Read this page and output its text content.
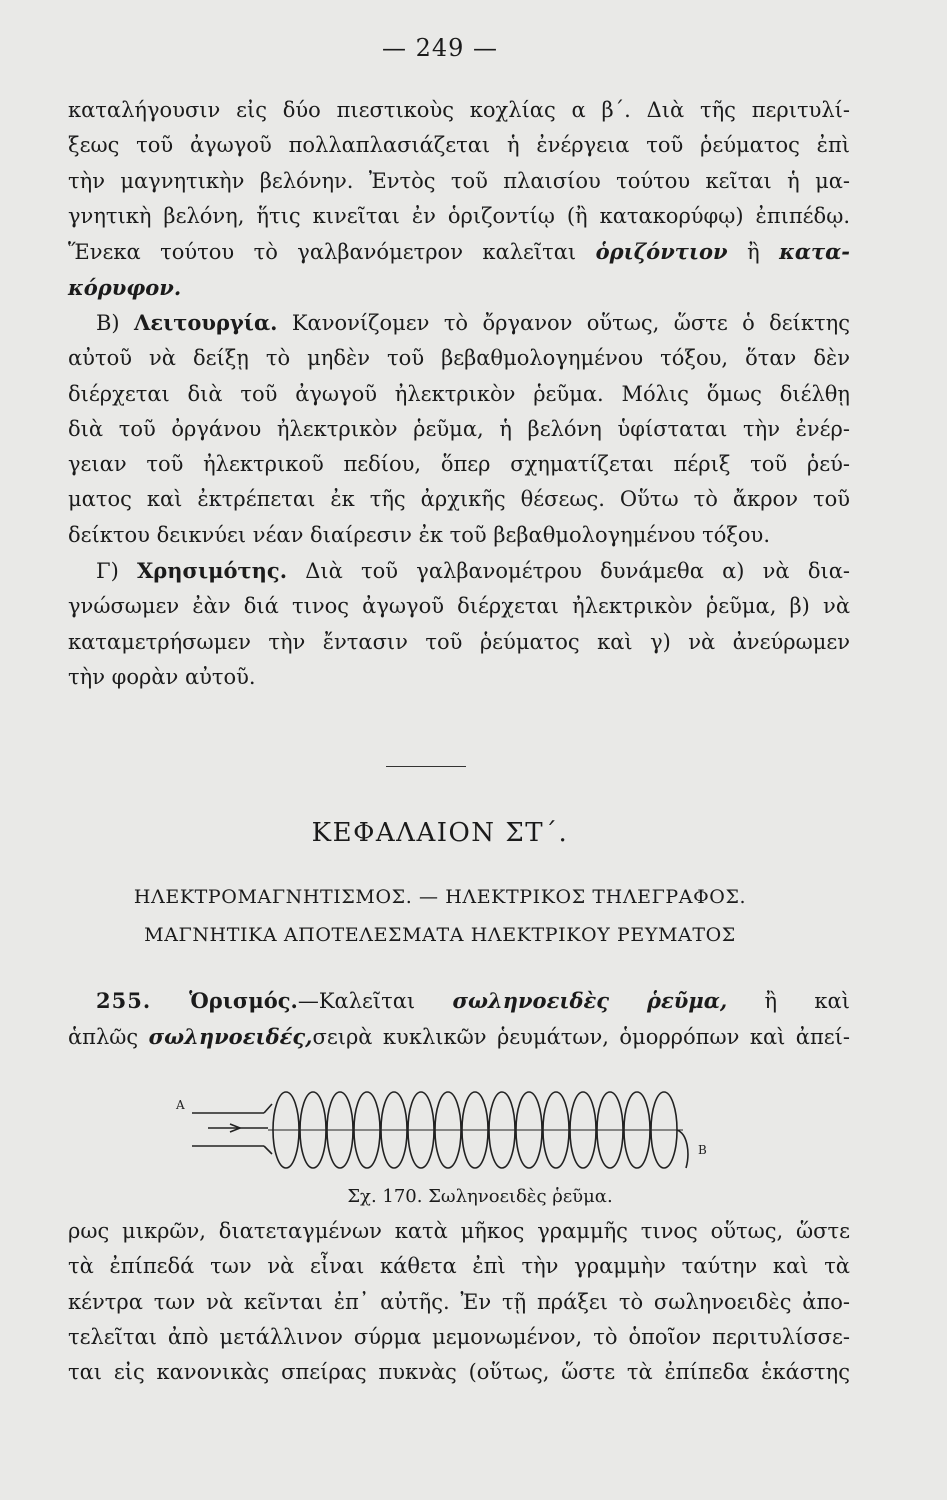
— 249 —
καταλήγουσιν εἰς δύο πιεστικοὺς κοχλίας α β΄. Διὰ τῆς περιτυλί-
ξεως τοῦ ἀγωγοῦ πολλαπλασιάζεται ἡ ἐνέργεια τοῦ ῥεύματος ἐπὶ
τὴν μαγνητικὴν βελόνην. Ἐντὸς τοῦ πλαισίου τούτου κεῖται ἡ μα-
γνητικὴ βελόνη, ἥτις κινεῖται ἐν ὁριζοντίῳ (ἢ κατακορύφῳ) ἐπιπέδῳ.
Ἕνεκα τούτου τὸ γαλβανόμετρον καλεῖται ὁριζόντιον ἢ κατα-
κόρυφον.
Β) Λειτουργία. Κανονίζομεν τὸ ὄργανον οὕτως, ὥστε ὁ δείκτης
αὐτοῦ νὰ δείξῃ τὸ μηδὲν τοῦ βεβαθμολογημένου τόξου, ὅταν δὲν
διέρχεται διὰ τοῦ ἀγωγοῦ ἠλεκτρικὸν ῥεῦμα. Μόλις ὅμως διέλθῃ
διὰ τοῦ ὀργάνου ἠλεκτρικὸν ῥεῦμα, ἡ βελόνη ὑφίσταται τὴν ἐνέρ-
γειαν τοῦ ἠλεκτρικοῦ πεδίου, ὅπερ σχηματίζεται πέριξ τοῦ ῥεύ-
ματος καὶ ἐκτρέπεται ἐκ τῆς ἀρχικῆς θέσεως. Οὕτω τὸ ἄκρον τοῦ
δείκτου δεικνύει νέαν διαίρεσιν ἐκ τοῦ βεβαθμολογημένου τόξου.
Γ) Χρησιμότης. Διὰ τοῦ γαλβανομέτρου δυνάμεθα α) νὰ δια-
γνώσωμεν ἐὰν διά τινος ἀγωγοῦ διέρχεται ἠλεκτρικὸν ῥεῦμα, β) νὰ
καταμετρήσωμεν τὴν ἔντασιν τοῦ ῥεύματος καὶ γ) νὰ ἀνεύρωμεν
τὴν φορὰν αὐτοῦ.
ΚΕΦΑΛΑΙΟΝ ΣΤ΄.
ΗΛΕΚΤΡΟΜΑΓΝΗΤΙΣΜΟΣ. — ΗΛΕΚΤΡΙΚΟΣ ΤΗΛΕΓΡΑΦΟΣ.
ΜΑΓΝΗΤΙΚΑ ΑΠΟΤΕΛΕΣΜΑΤΑ ΗΛΕΚΤΡΙΚΟΥ ΡΕΥΜΑΤΟΣ
255. Ὁρισμός.—Καλεῖται σωληνοειδὲς ῥεῦμα, ἢ καὶ
ἁπλῶς σωληνοειδές,σειρὰ κυκλικῶν ῥευμάτων, ὁμορρόπων καὶ ἀπεί-
A
B
Σχ. 170. Σωληνοειδὲς ῥεῦμα.
ρως μικρῶν, διατεταγμένων κατὰ μῆκος γραμμῆς τινος οὕτως, ὥστε
τὰ ἐπίπεδά των νὰ εἶναι κάθετα ἐπὶ τὴν γραμμὴν ταύτην καὶ τὰ
κέντρα των νὰ κεῖνται ἐπ᾽ αὐτῆς. Ἐν τῇ πράξει τὸ σωληνοειδὲς ἀπο-
τελεῖται ἀπὸ μετάλλινον σύρμα μεμονωμένον, τὸ ὁποῖον περιτυλίσσε-
ται εἰς κανονικὰς σπείρας πυκνὰς (οὕτως, ὥστε τὰ ἐπίπεδα ἑκάστης
